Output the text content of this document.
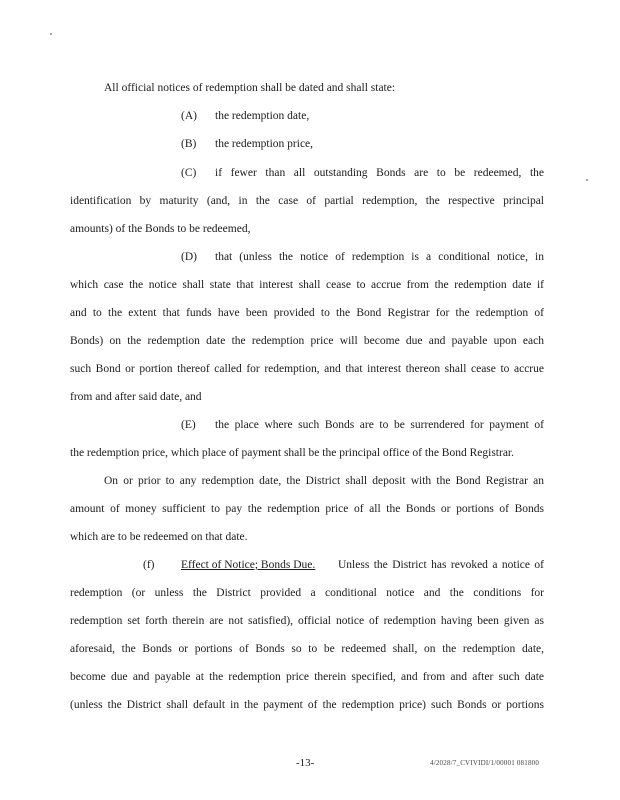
All official notices of redemption shall be dated and shall state:
(A) the redemption date,
(B) the redemption price,
(C) if fewer than all outstanding Bonds are to be redeemed, the
identification by maturity (and, in the case of partial redemption, the respective principal
amounts) of the Bonds to be redeemed,
(D) that (unless the notice of redemption is a conditional notice, in
which case the notice shall state that interest shall cease to accrue from the redemption date if
and to the extent that funds have been provided to the Bond Registrar for the redemption of
Bonds) on the redemption date the redemption price will become due and payable upon each
such Bond or portion thereof called for redemption, and that interest thereon shall cease to accrue
from and after said date, and
(E) the place where such Bonds are to be surrendered for payment of
the redemption price, which place of payment shall be the principal office of the Bond Registrar.
On or prior to any redemption date, the District shall deposit with the Bond Registrar an
amount of money sufficient to pay the redemption price of all the Bonds or portions of Bonds
which are to be redeemed on that date.
(f) Effect of Notice; Bonds Due. Unless the District has revoked a notice of
redemption (or unless the District provided a conditional notice and the conditions for
redemption set forth therein are not satisfied), official notice of redemption having been given as
aforesaid, the Bonds or portions of Bonds so to be redeemed shall, on the redemption date,
become due and payable at the redemption price therein specified, and from and after such date
(unless the District shall default in the payment of the redemption price) such Bonds or portions
-13-	4/2028/7_CVIVIDI/1/00001 081800
